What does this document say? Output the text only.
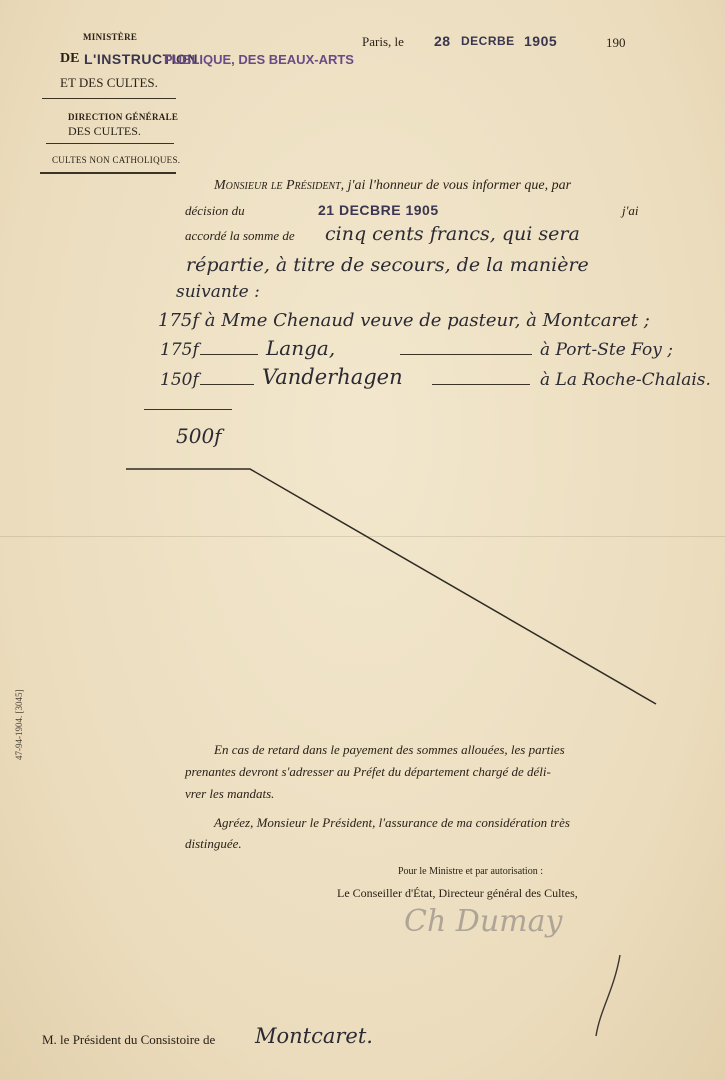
MINISTÈRE
DE L'INSTRUCTION
PUBLIQUE, DES BEAUX-ARTS
ET DES CULTES.
DIRECTION GÉNÉRALE
DES CULTES.
CULTES NON CATHOLIQUES.
Paris, le 28 DECRBE 1905	190
Monsieur le Président, j'ai l'honneur de vous informer que, par
décision du	21 DECBRE 1905	j'ai
accordé la somme de cinq cents francs, qui sera
répartie, à titre de secours, de la manière
suivante :
175f à Mme Chenaud veuve de pasteur, à Montcaret ;
175f	Langa,	à Port-Ste Foy ;
150f	Vanderhagen	à La Roche-Chalais.
500f
47-94-1904. [3045]	En cas de retard dans le payement des sommes allouées, les parties
prenantes devront s'adresser au Préfet du département chargé de déli-
vrer les mandats.
Agréez, Monsieur le Président, l'assurance de ma considération très
distinguée.
Pour le Ministre et par autorisation :
Le Conseiller d'État, Directeur général des Cultes,
Ch Dumay
M. le Président du Consistoire de Montcaret.
